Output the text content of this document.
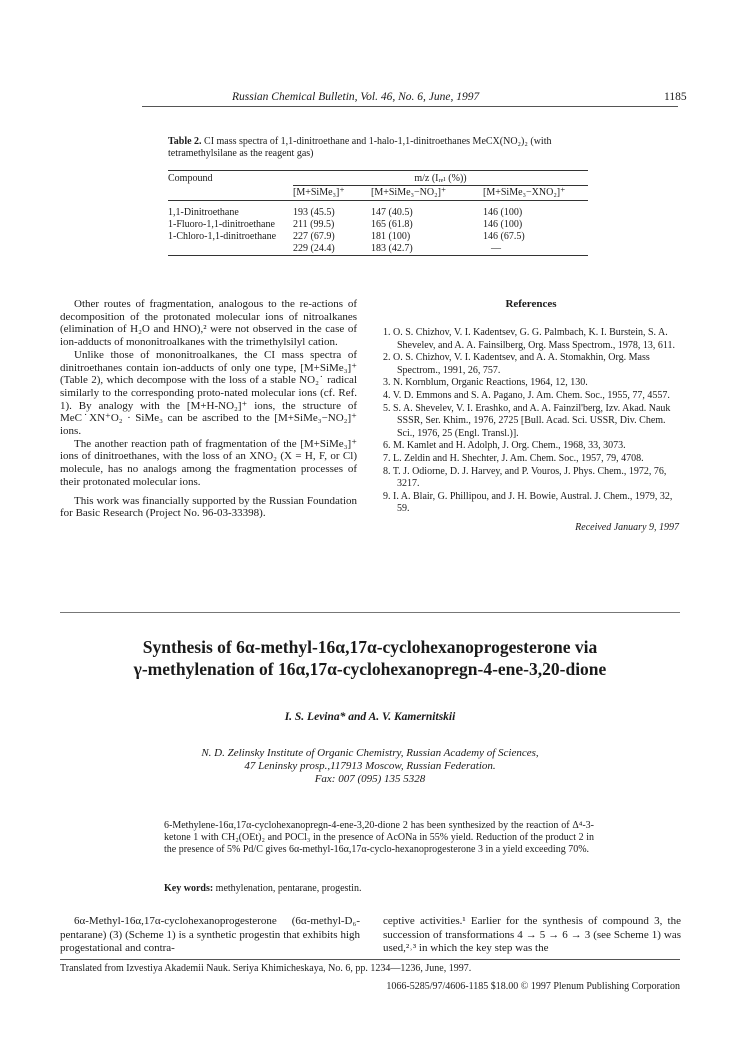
Russian Chemical Bulletin, Vol. 46, No. 6, June, 1997	1185
Table 2. CI mass spectra of 1,1-dinitroethane and 1-halo-1,1-dinitroethanes MeCX(NO₂)₂ (with tetramethylsilane as the reagent gas)

Compound	m/z (Iᵣₑₗ (%))		
	[M+SiMe₃]⁺	[M+SiMe₃−NO₂]⁺	[M+SiMe₃−XNO₂]⁺

1,1-Dinitroethane	193 (45.5)	147 (40.5)	146 (100)
1-Fluoro-1,1-dinitroethane	211 (99.5)	165 (61.8)	146 (100)
1-Chloro-1,1-dinitroethane	227 (67.9)	181 (100)	146 (67.5)
	229 (24.4)	183 (42.7)	—

Other routes of fragmentation, analogous to the re-actions of decomposition of the protonated molecular ions of nitroalkanes (elimination of H₂O and HNO),² were not observed in the case of ion-adducts of mononitroalkanes with the trimethylsilyl cation.

Unlike those of mononitroalkanes, the CI mass spectra of dinitroethanes contain ion-adducts of only one type, [M+SiMe₃]⁺ (Table 2), which decompose with the loss of a stable NO₂˙ radical similarly to the corresponding proto-nated molecular ions (cf. Ref. 1). By analogy with the [M+H-NO₂]⁺ ions, the structure of MeC˙XN⁺O₂ · SiMe₃ can be ascribed to the [M+SiMe₃−NO₂]⁺ ions.

The another reaction path of fragmentation of the [M+SiMe₃]⁺ ions of dinitroethanes, with the loss of an XNO₂ (X = H, F, or Cl) molecule, has no analogs among the fragmentation processes of their protonated molecular ions.

This work was financially supported by the Russian Foundation for Basic Research (Project No. 96-03-33398).

References
1. O. S. Chizhov, V. I. Kadentsev, G. G. Palmbach, K. I. Burstein, S. A. Shevelev, and A. A. Fainsilberg, Org. Mass Spectrom., 1978, 13, 611.
2. O. S. Chizhov, V. I. Kadentsev, and A. A. Stomakhin, Org. Mass Spectrom., 1991, 26, 757.
3. N. Kornblum, Organic Reactions, 1964, 12, 130.
4. V. D. Emmons and S. A. Pagano, J. Am. Chem. Soc., 1955, 77, 4557.
5. S. A. Shevelev, V. I. Erashko, and A. A. Fainzil'berg, Izv. Akad. Nauk SSSR, Ser. Khim., 1976, 2725 [Bull. Acad. Sci. USSR, Div. Chem. Sci., 1976, 25 (Engl. Transl.)].
6. M. Kamlet and H. Adolph, J. Org. Chem., 1968, 33, 3073.
7. L. Zeldin and H. Shechter, J. Am. Chem. Soc., 1957, 79, 4708.
8. T. J. Odiorne, D. J. Harvey, and P. Vouros, J. Phys. Chem., 1972, 76, 3217.
9. I. A. Blair, G. Phillipou, and J. H. Bowie, Austral. J. Chem., 1979, 32, 59.
Received January 9, 1997
Synthesis of 6α-methyl-16α,17α-cyclohexanoprogesterone via
γ-methylenation of 16α,17α-cyclohexanopregn-4-ene-3,20-dione
I. S. Levina* and A. V. Kamernitskii
N. D. Zelinsky Institute of Organic Chemistry, Russian Academy of Sciences,
47 Leninsky prosp.,117913 Moscow, Russian Federation.
Fax: 007 (095) 135 5328
6-Methylene-16α,17α-cyclohexanopregn-4-ene-3,20-dione 2 has been synthesized by the reaction of Δ⁴-3-ketone 1 with CH₂(OEt)₂ and POCl₃ in the presence of AcONa in 55% yield. Reduction of the product 2 in the presence of 5% Pd/C gives 6α-methyl-16α,17α-cyclo-hexanoprogesterone 3 in a yield exceeding 70%.
Key words: methylenation, pentarane, progestin.

6α-Methyl-16α,17α-cyclohexanoprogesterone (6α-methyl-D₆-pentarane) (3) (Scheme 1) is a synthetic progestin that exhibits high progestational and contra-

ceptive activities.¹ Earlier for the synthesis of compound 3, the succession of transformations 4 → 5 → 6 → 3 (see Scheme 1) was used,²˒³ in which the key step was the

Translated from Izvestiya Akademii Nauk. Seriya Khimicheskaya, No. 6, pp. 1234—1236, June, 1997.
1066-5285/97/4606-1185 $18.00 © 1997 Plenum Publishing Corporation
